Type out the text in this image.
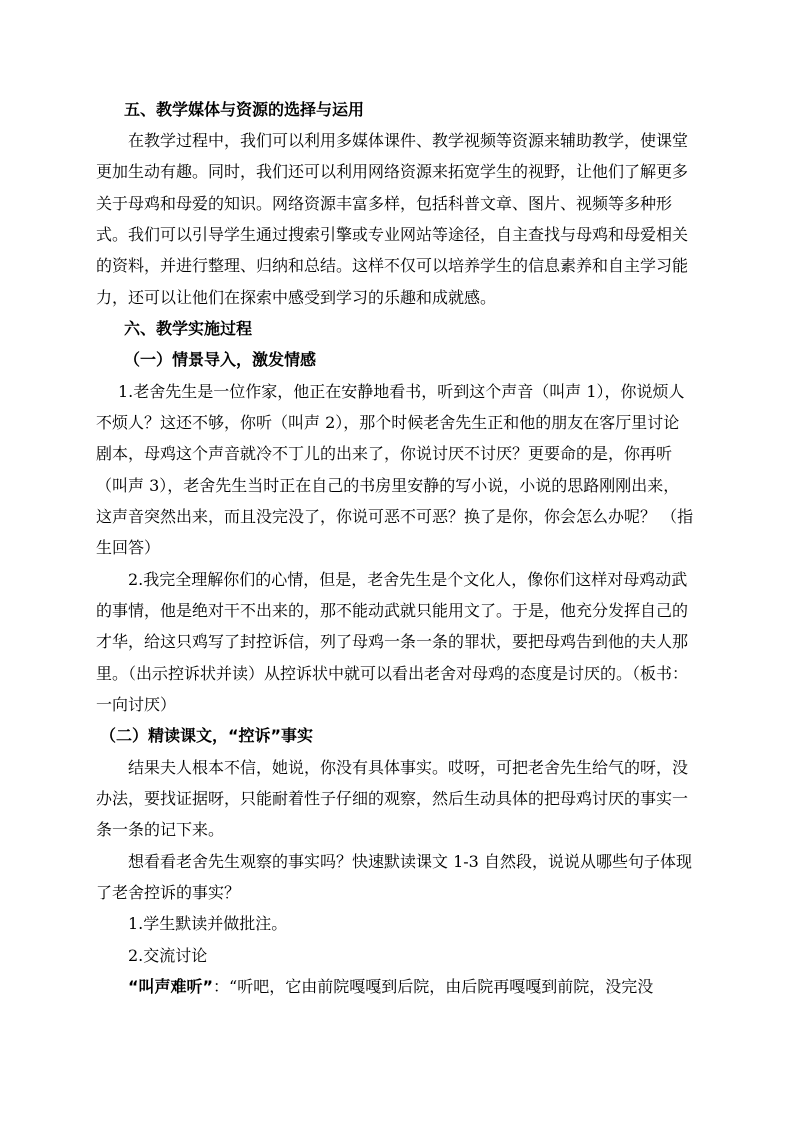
五、教学媒体与资源的选择与运用
在教学过程中，我们可以利用多媒体课件、教学视频等资源来辅助教学，使课堂
更加生动有趣。同时，我们还可以利用网络资源来拓宽学生的视野，让他们了解更多
关于母鸡和母爱的知识。网络资源丰富多样，包括科普文章、图片、视频等多种形
式。我们可以引导学生通过搜索引擎或专业网站等途径，自主查找与母鸡和母爱相关
的资料，并进行整理、归纳和总结。这样不仅可以培养学生的信息素养和自主学习能
力，还可以让他们在探索中感受到学习的乐趣和成就感。
六、教学实施过程
（一）情景导入，激发情感
1.老舍先生是一位作家，他正在安静地看书，听到这个声音（叫声 1），你说烦人
不烦人？这还不够，你听（叫声 2），那个时候老舍先生正和他的朋友在客厅里讨论
剧本，母鸡这个声音就冷不丁儿的出来了，你说讨厌不讨厌？更要命的是，你再听
（叫声 3），老舍先生当时正在自己的书房里安静的写小说，小说的思路刚刚出来，
这声音突然出来，而且没完没了，你说可恶不可恶？换了是你，你会怎么办呢？ （指
生回答）
2.我完全理解你们的心情，但是，老舍先生是个文化人，像你们这样对母鸡动武
的事情，他是绝对干不出来的，那不能动武就只能用文了。于是，他充分发挥自己的
才华，给这只鸡写了封控诉信，列了母鸡一条一条的罪状，要把母鸡告到他的夫人那
里。（出示控诉状并读）从控诉状中就可以看出老舍对母鸡的态度是讨厌的。（板书：
一向讨厌）
（二）精读课文，“控诉”事实
结果夫人根本不信，她说，你没有具体事实。哎呀，可把老舍先生给气的呀，没
办法，要找证据呀，只能耐着性子仔细的观察，然后生动具体的把母鸡讨厌的事实一
条一条的记下来。
想看看老舍先生观察的事实吗？快速默读课文 1-3 自然段，说说从哪些句子体现
了老舍控诉的事实？
1.学生默读并做批注。
2.交流讨论
“叫声难听”：“听吧，它由前院嘎嘎到后院，由后院再嘎嘎到前院，没完没
